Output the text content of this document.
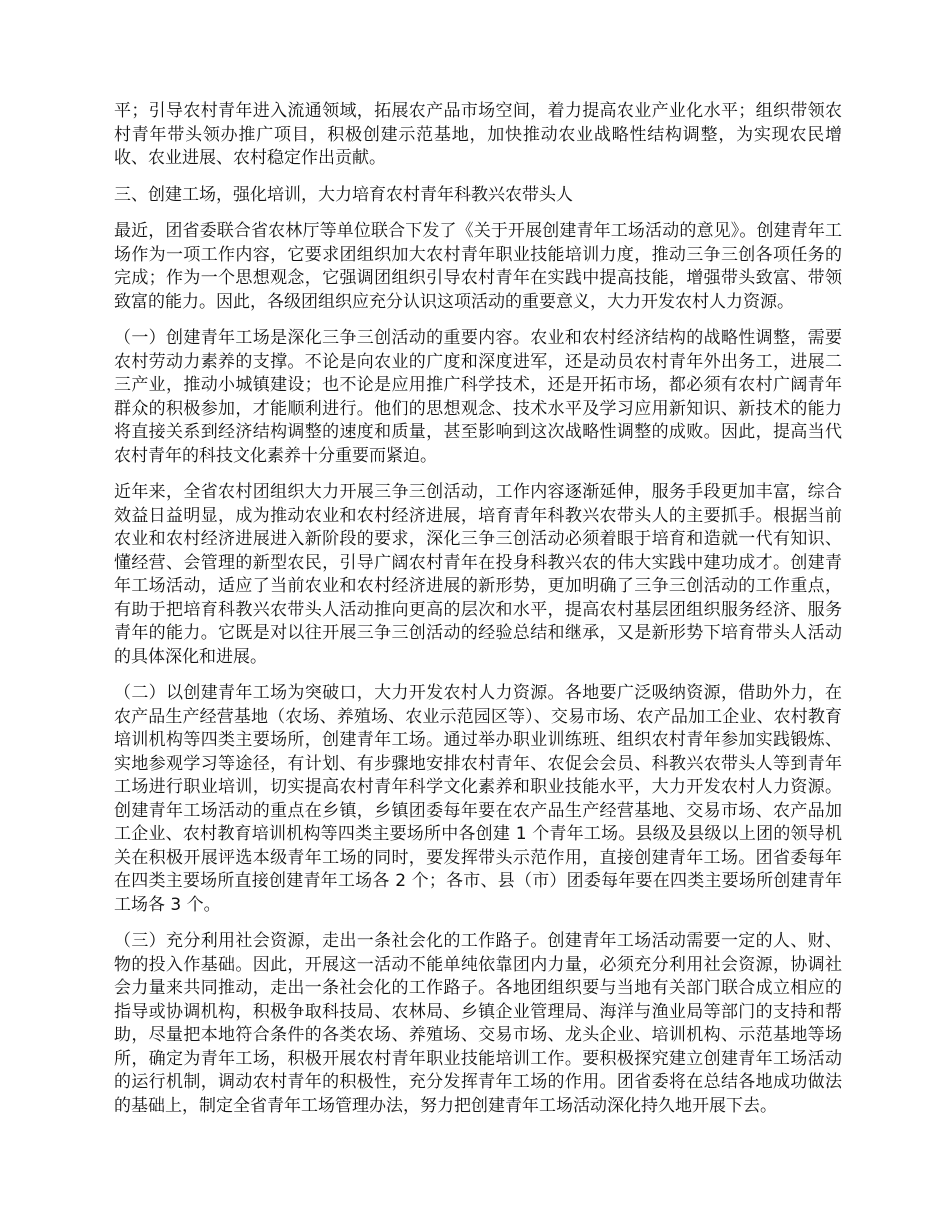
平；引导农村青年进入流通领域，拓展农产品市场空间，着力提高农业产业化水平；组织带领农村青年带头领办推广项目，积极创建示范基地，加快推动农业战略性结构调整，为实现农民增收、农业进展、农村稳定作出贡献。

三、创建工场，强化培训，大力培育农村青年科教兴农带头人

最近，团省委联合省农林厅等单位联合下发了《关于开展创建青年工场活动的意见》。创建青年工场作为一项工作内容，它要求团组织加大农村青年职业技能培训力度，推动三争三创各项任务的完成；作为一个思想观念，它强调团组织引导农村青年在实践中提高技能，增强带头致富、带领致富的能力。因此，各级团组织应充分认识这项活动的重要意义，大力开发农村人力资源。

（一）创建青年工场是深化三争三创活动的重要内容。农业和农村经济结构的战略性调整，需要农村劳动力素养的支撑。不论是向农业的广度和深度进军，还是动员农村青年外出务工，进展二三产业，推动小城镇建设；也不论是应用推广科学技术，还是开拓市场，都必须有农村广阔青年群众的积极参加，才能顺利进行。他们的思想观念、技术水平及学习应用新知识、新技术的能力将直接关系到经济结构调整的速度和质量，甚至影响到这次战略性调整的成败。因此，提高当代农村青年的科技文化素养十分重要而紧迫。

近年来，全省农村团组织大力开展三争三创活动，工作内容逐渐延伸，服务手段更加丰富，综合效益日益明显，成为推动农业和农村经济进展，培育青年科教兴农带头人的主要抓手。根据当前农业和农村经济进展进入新阶段的要求，深化三争三创活动必须着眼于培育和造就一代有知识、懂经营、会管理的新型农民，引导广阔农村青年在投身科教兴农的伟大实践中建功成才。创建青年工场活动，适应了当前农业和农村经济进展的新形势，更加明确了三争三创活动的工作重点，有助于把培育科教兴农带头人活动推向更高的层次和水平，提高农村基层团组织服务经济、服务青年的能力。它既是对以往开展三争三创活动的经验总结和继承，又是新形势下培育带头人活动的具体深化和进展。

（二）以创建青年工场为突破口，大力开发农村人力资源。各地要广泛吸纳资源，借助外力，在农产品生产经营基地（农场、养殖场、农业示范园区等）、交易市场、农产品加工企业、农村教育培训机构等四类主要场所，创建青年工场。通过举办职业训练班、组织农村青年参加实践锻炼、实地参观学习等途径，有计划、有步骤地安排农村青年、农促会会员、科教兴农带头人等到青年工场进行职业培训，切实提高农村青年科学文化素养和职业技能水平，大力开发农村人力资源。创建青年工场活动的重点在乡镇，乡镇团委每年要在农产品生产经营基地、交易市场、农产品加工企业、农村教育培训机构等四类主要场所中各创建 1 个青年工场。县级及县级以上团的领导机关在积极开展评选本级青年工场的同时，要发挥带头示范作用，直接创建青年工场。团省委每年在四类主要场所直接创建青年工场各 2 个；各市、县（市）团委每年要在四类主要场所创建青年工场各 3 个。

（三）充分利用社会资源，走出一条社会化的工作路子。创建青年工场活动需要一定的人、财、物的投入作基础。因此，开展这一活动不能单纯依靠团内力量，必须充分利用社会资源，协调社会力量来共同推动，走出一条社会化的工作路子。各地团组织要与当地有关部门联合成立相应的指导或协调机构，积极争取科技局、农林局、乡镇企业管理局、海洋与渔业局等部门的支持和帮助，尽量把本地符合条件的各类农场、养殖场、交易市场、龙头企业、培训机构、示范基地等场所，确定为青年工场，积极开展农村青年职业技能培训工作。要积极探究建立创建青年工场活动的运行机制，调动农村青年的积极性，充分发挥青年工场的作用。团省委将在总结各地成功做法的基础上，制定全省青年工场管理办法，努力把创建青年工场活动深化持久地开展下去。
